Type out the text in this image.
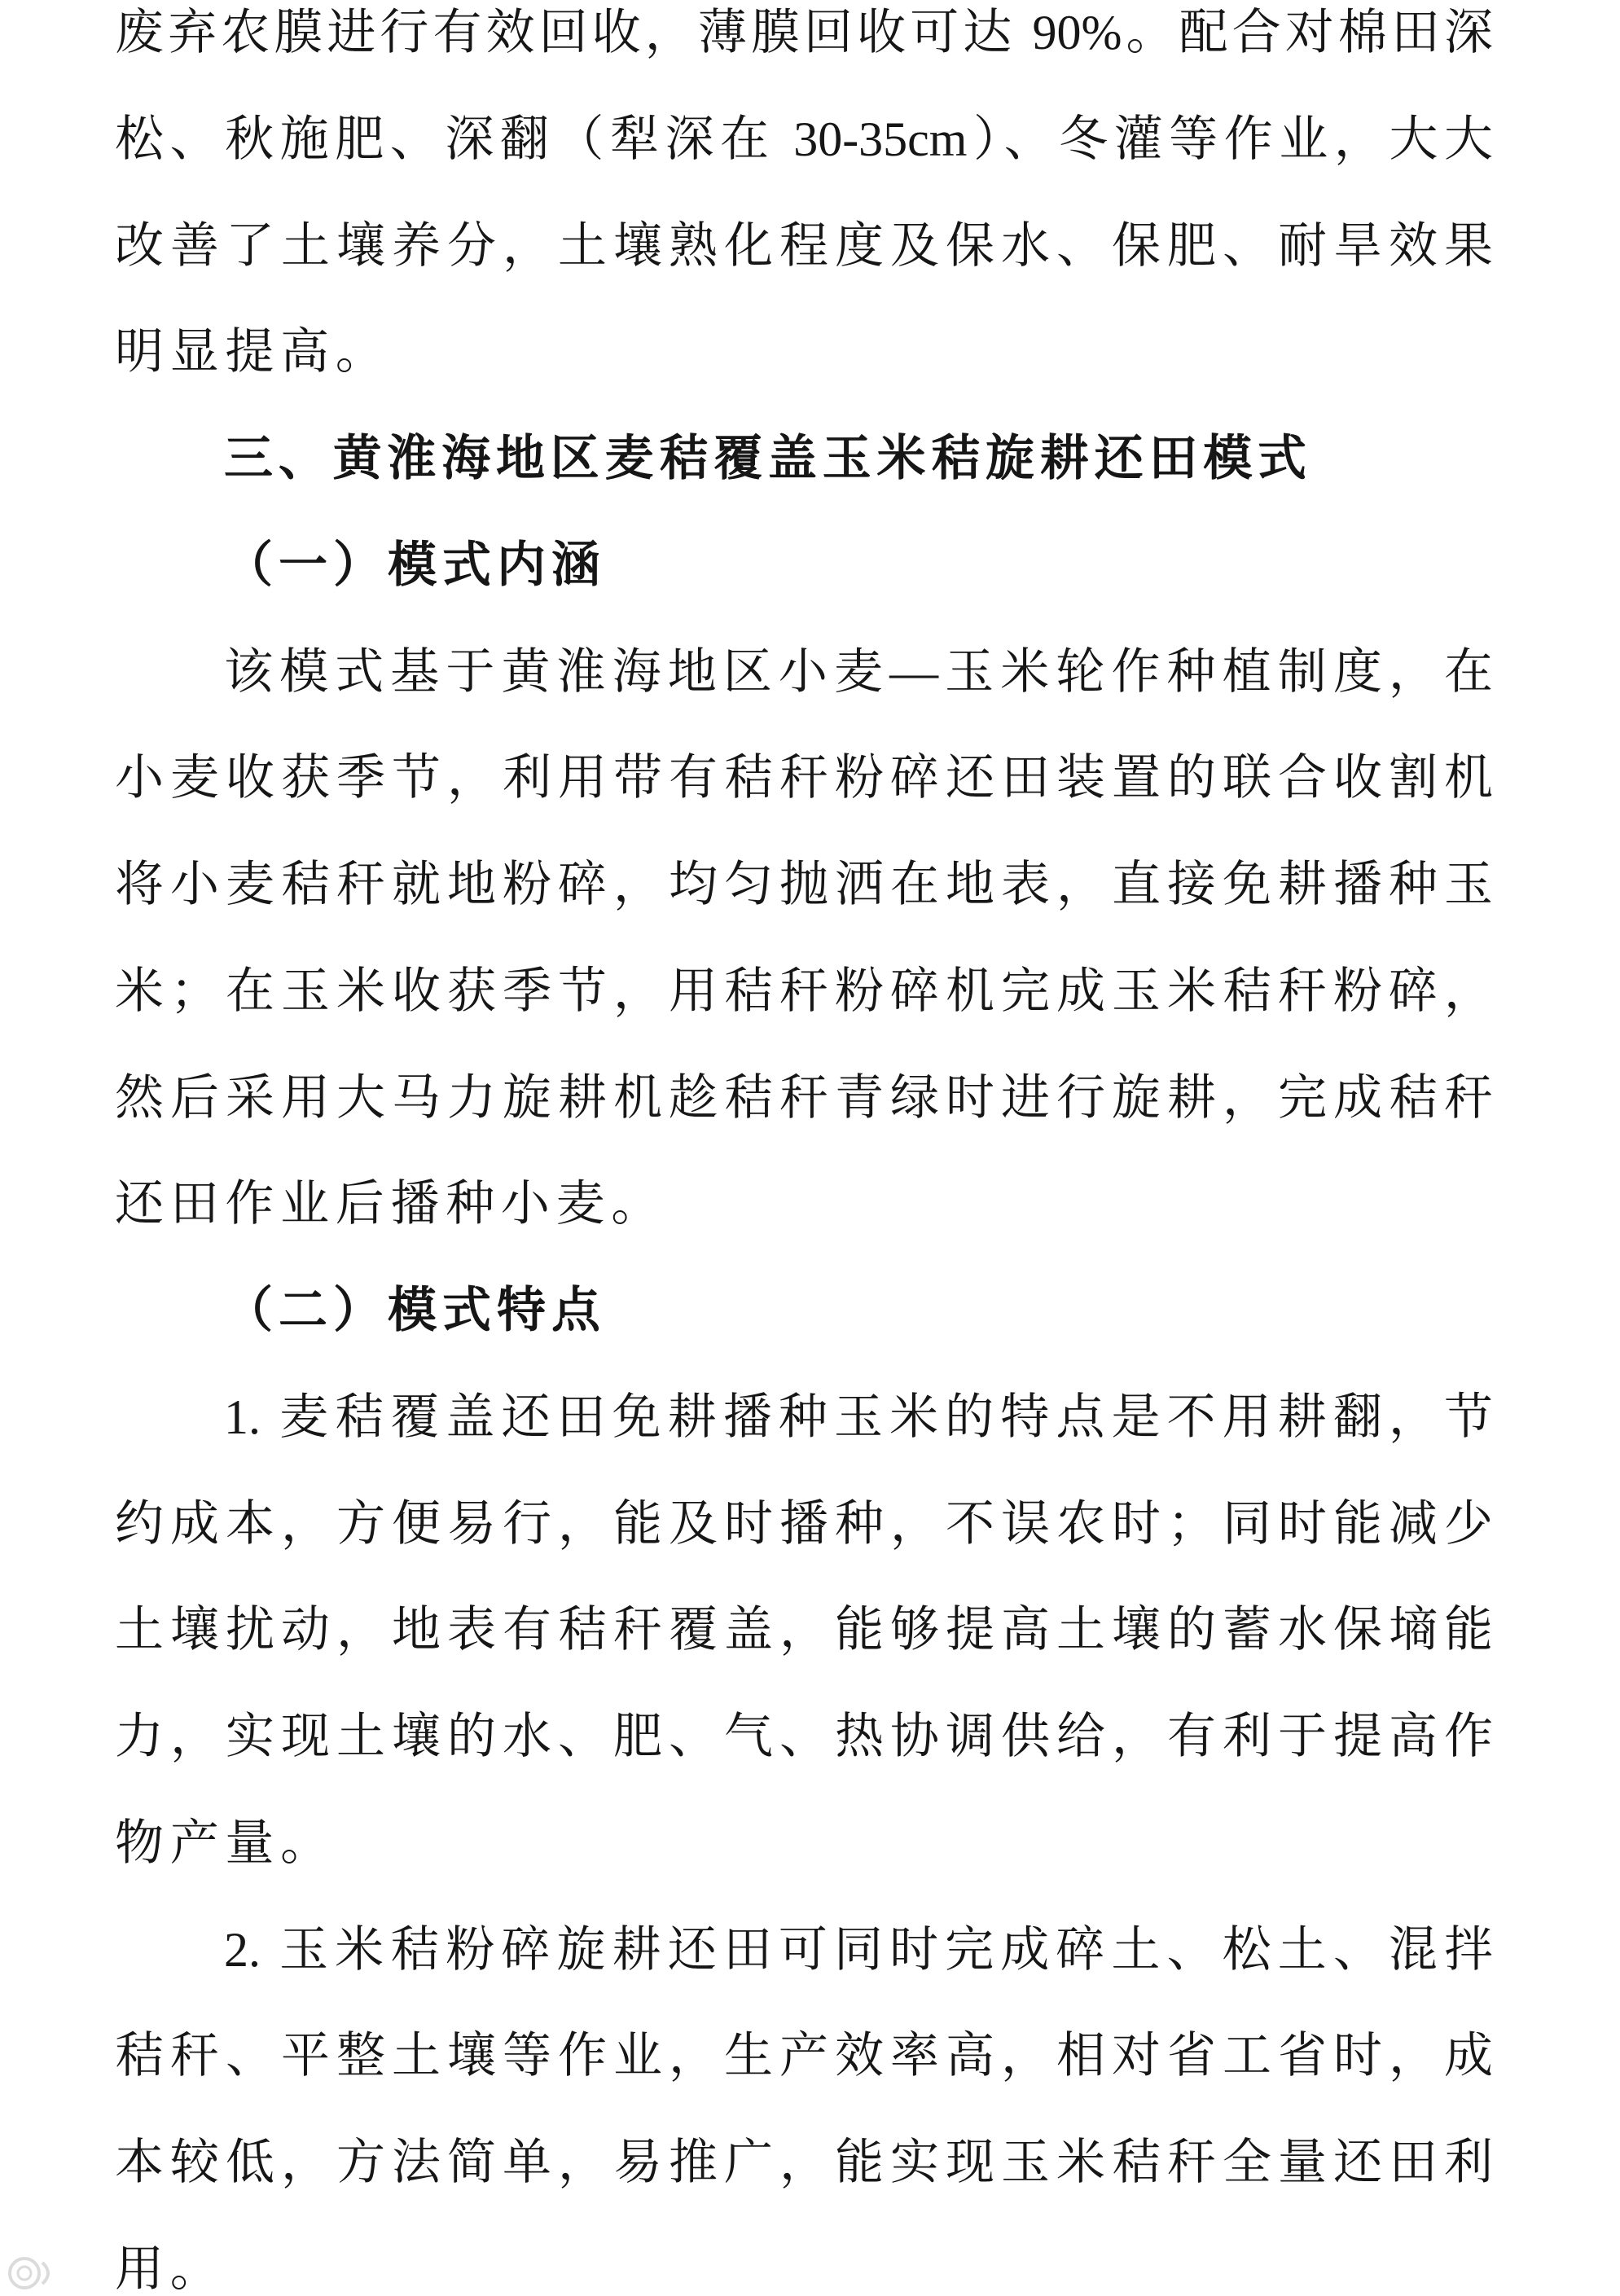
废弃农膜进行有效回收，薄膜回收可达 90%。配合对棉田深
松、秋施肥、深翻（犁深在 30-35cm）、冬灌等作业，大大
改善了土壤养分，土壤熟化程度及保水、保肥、耐旱效果
明显提高。
三、黄淮海地区麦秸覆盖玉米秸旋耕还田模式
（一）模式内涵
该模式基于黄淮海地区小麦—玉米轮作种植制度，在
小麦收获季节，利用带有秸秆粉碎还田装置的联合收割机
将小麦秸秆就地粉碎，均匀抛洒在地表，直接免耕播种玉
米；在玉米收获季节，用秸秆粉碎机完成玉米秸秆粉碎，
然后采用大马力旋耕机趁秸秆青绿时进行旋耕，完成秸秆
还田作业后播种小麦。
（二）模式特点
1. 麦秸覆盖还田免耕播种玉米的特点是不用耕翻，节
约成本，方便易行，能及时播种，不误农时；同时能减少
土壤扰动，地表有秸秆覆盖，能够提高土壤的蓄水保墒能
力，实现土壤的水、肥、气、热协调供给，有利于提高作
物产量。
2. 玉米秸粉碎旋耕还田可同时完成碎土、松土、混拌
秸秆、平整土壤等作业，生产效率高，相对省工省时，成
本较低，方法简单，易推广，能实现玉米秸秆全量还田利
用。
